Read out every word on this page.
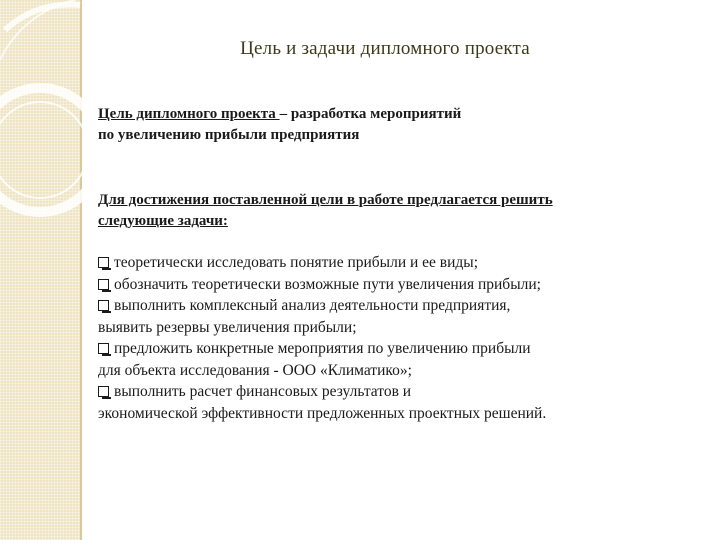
Цель и задачи дипломного проекта
Цель дипломного проекта – разработка мероприятий
по увеличению прибыли предприятия
Для достижения поставленной цели в работе предлагается решить
следующие задачи:
теоретически исследовать понятие прибыли и ее виды;
обозначить теоретически возможные пути увеличения прибыли;
выполнить комплексный анализ деятельности предприятия,
выявить резервы увеличения прибыли;
предложить конкретные мероприятия по увеличению прибыли
для объекта исследования - ООО «Климатико»;
выполнить расчет финансовых результатов и
экономической эффективности предложенных проектных решений.
